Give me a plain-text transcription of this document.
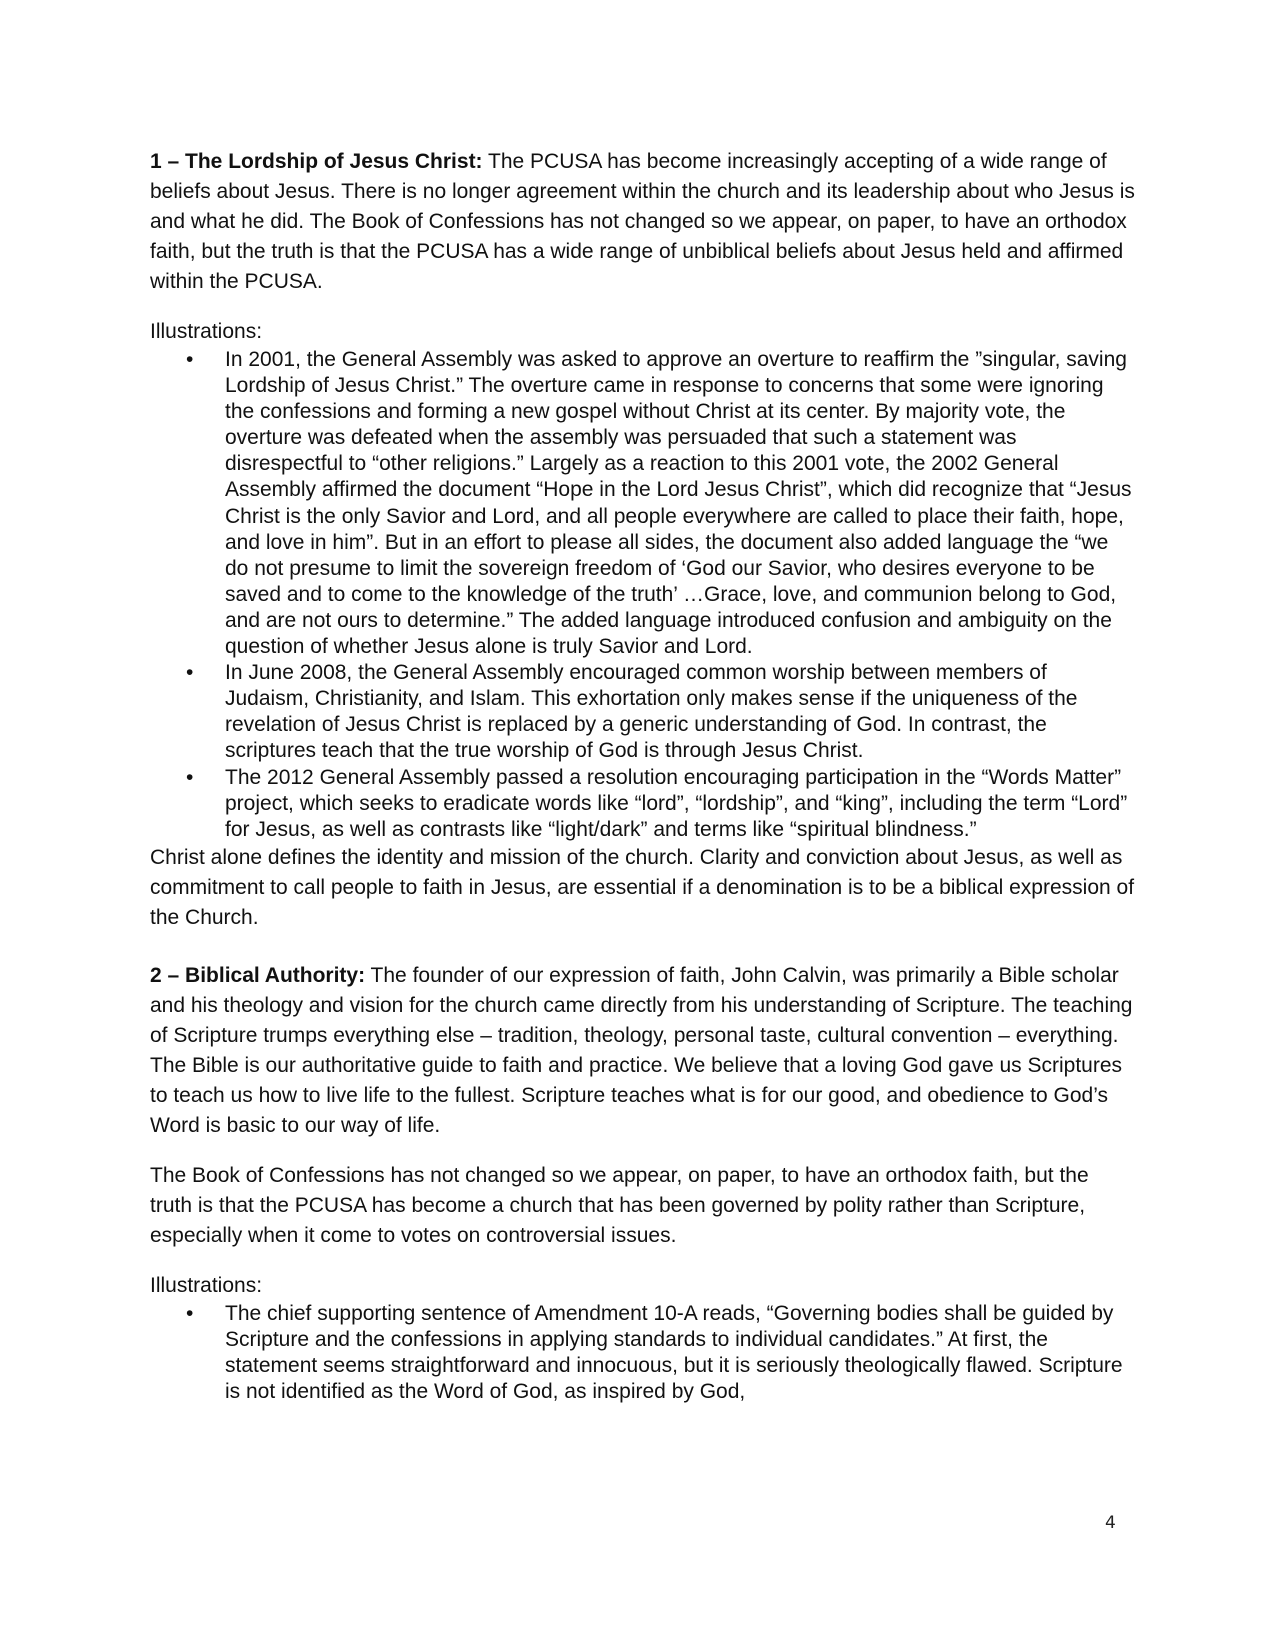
1 – The Lordship of Jesus Christ: The PCUSA has become increasingly accepting of a wide range of beliefs about Jesus. There is no longer agreement within the church and its leadership about who Jesus is and what he did. The Book of Confessions has not changed so we appear, on paper, to have an orthodox faith, but the truth is that the PCUSA has a wide range of unbiblical beliefs about Jesus held and affirmed within the PCUSA.

Illustrations:

• In 2001, the General Assembly was asked to approve an overture to reaffirm the ”singular, saving Lordship of Jesus Christ.” The overture came in response to concerns that some were ignoring the confessions and forming a new gospel without Christ at its center. By majority vote, the overture was defeated when the assembly was persuaded that such a statement was disrespectful to “other religions.” Largely as a reaction to this 2001 vote, the 2002 General Assembly affirmed the document “Hope in the Lord Jesus Christ”, which did recognize that “Jesus Christ is the only Savior and Lord, and all people everywhere are called to place their faith, hope, and love in him”. But in an effort to please all sides, the document also added language the “we do not presume to limit the sovereign freedom of ‘God our Savior, who desires everyone to be saved and to come to the knowledge of the truth’ …Grace, love, and communion belong to God, and are not ours to determine.” The added language introduced confusion and ambiguity on the question of whether Jesus alone is truly Savior and Lord.
• In June 2008, the General Assembly encouraged common worship between members of Judaism, Christianity, and Islam. This exhortation only makes sense if the uniqueness of the revelation of Jesus Christ is replaced by a generic understanding of God. In contrast, the scriptures teach that the true worship of God is through Jesus Christ.
• The 2012 General Assembly passed a resolution encouraging participation in the “Words Matter” project, which seeks to eradicate words like “lord”, “lordship”, and “king”, including the term “Lord” for Jesus, as well as contrasts like “light/dark” and terms like “spiritual blindness.”

Christ alone defines the identity and mission of the church. Clarity and conviction about Jesus, as well as commitment to call people to faith in Jesus, are essential if a denomination is to be a biblical expression of the Church.

2 – Biblical Authority: The founder of our expression of faith, John Calvin, was primarily a Bible scholar and his theology and vision for the church came directly from his understanding of Scripture. The teaching of Scripture trumps everything else – tradition, theology, personal taste, cultural convention – everything. The Bible is our authoritative guide to faith and practice. We believe that a loving God gave us Scriptures to teach us how to live life to the fullest. Scripture teaches what is for our good, and obedience to God’s Word is basic to our way of life.

The Book of Confessions has not changed so we appear, on paper, to have an orthodox faith, but the truth is that the PCUSA has become a church that has been governed by polity rather than Scripture, especially when it come to votes on controversial issues.

Illustrations:

• The chief supporting sentence of Amendment 10-A reads, “Governing bodies shall be guided by Scripture and the confessions in applying standards to individual candidates.” At first, the statement seems straightforward and innocuous, but it is seriously theologically flawed. Scripture is not identified as the Word of God, as inspired by God,
4
